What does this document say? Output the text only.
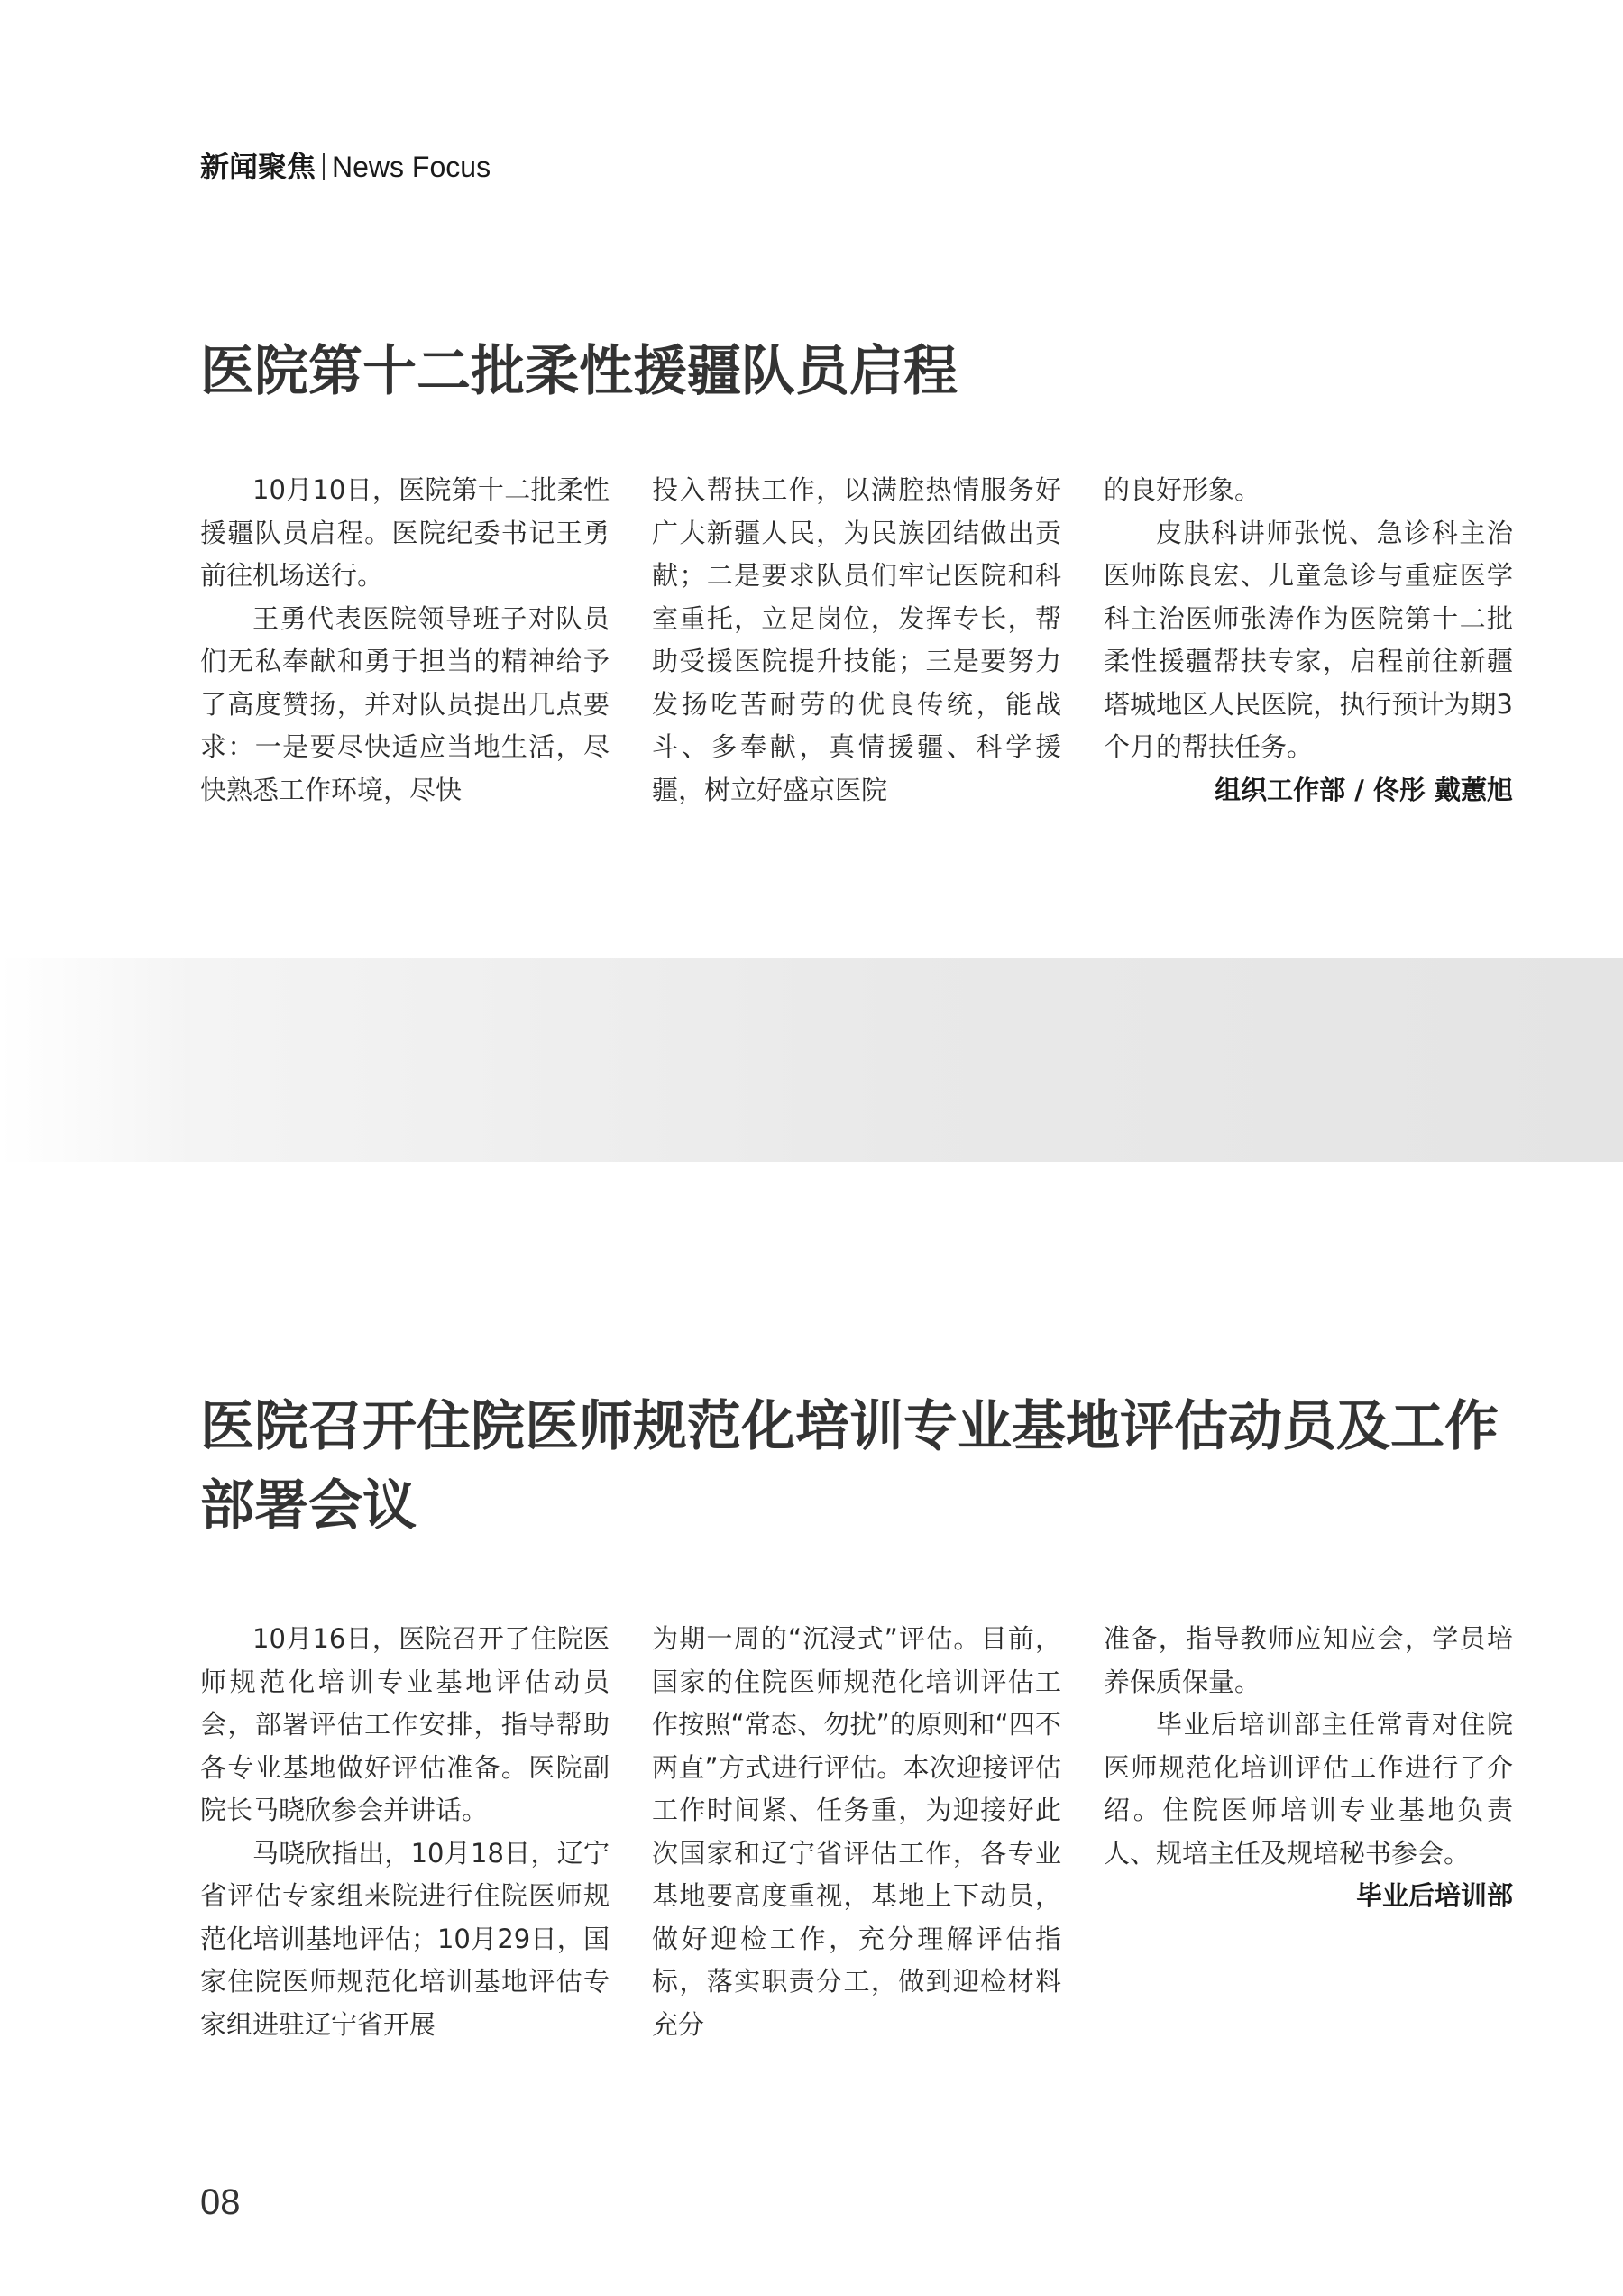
新闻聚焦 News Focus
医院第十二批柔性援疆队员启程

10月10日，医院第十二批柔性援疆队员启程。医院纪委书记王勇前往机场送行。

王勇代表医院领导班子对队员们无私奉献和勇于担当的精神给予了高度赞扬，并对队员提出几点要求：一是要尽快适应当地生活，尽快熟悉工作环境，尽快

投入帮扶工作，以满腔热情服务好广大新疆人民，为民族团结做出贡献；二是要求队员们牢记医院和科室重托，立足岗位，发挥专长，帮助受援医院提升技能；三是要努力发扬吃苦耐劳的优良传统，能战斗、多奉献，真情援疆、科学援疆，树立好盛京医院

的良好形象。

皮肤科讲师张悦、急诊科主治医师陈良宏、儿童急诊与重症医学科主治医师张涛作为医院第十二批柔性援疆帮扶专家，启程前往新疆塔城地区人民医院，执行预计为期3个月的帮扶任务。

组织工作部 / 佟彤 戴蕙旭

医院召开住院医师规范化培训专业基地评估动员及工作部署会议

10月16日，医院召开了住院医师规范化培训专业基地评估动员会，部署评估工作安排，指导帮助各专业基地做好评估准备。医院副院长马晓欣参会并讲话。

马晓欣指出，10月18日，辽宁省评估专家组来院进行住院医师规范化培训基地评估；10月29日，国家住院医师规范化培训基地评估专家组进驻辽宁省开展

为期一周的“沉浸式”评估。目前，国家的住院医师规范化培训评估工作按照“常态、勿扰”的原则和“四不两直”方式进行评估。本次迎接评估工作时间紧、任务重，为迎接好此次国家和辽宁省评估工作，各专业基地要高度重视，基地上下动员，做好迎检工作，充分理解评估指标，落实职责分工，做到迎检材料充分

准备，指导教师应知应会，学员培养保质保量。

毕业后培训部主任常青对住院医师规范化培训评估工作进行了介绍。住院医师培训专业基地负责人、规培主任及规培秘书参会。

毕业后培训部

08
